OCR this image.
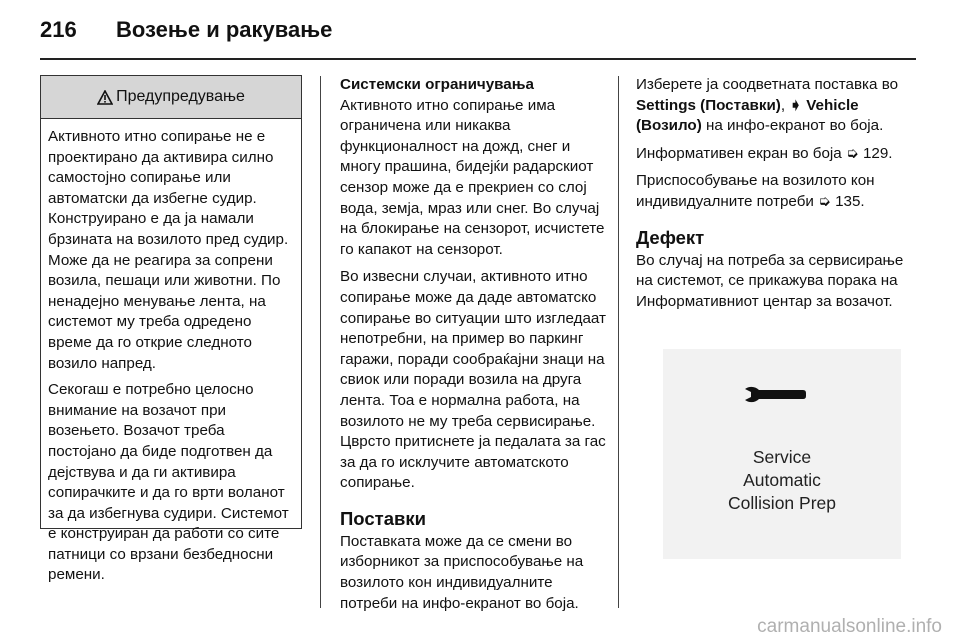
216 Возење и ракување
Предупредување

Активното итно сопирање не е проектирано да активира силно самостојно сопирање или автоматски да избегне судир. Конструирано е да ја намали брзината на возилото пред судир. Може да не реагира за сопрени возила, пешаци или животни. По ненадејно менување лента, на системот му треба одредено време да го открие следното возило напред.

Секогаш е потребно целосно внимание на возачот при возењето. Возачот треба постојано да биде подготвен да дејствува и да ги активира сопирачките и да го врти воланот за да избегнува судири. Системот е конструиран да работи со сите патници со врзани безбедносни ремени.

Системски ограничувања

Активното итно сопирање има ограничена или никаква функционалност на дожд, снег и многу прашина, бидејќи радарскиот сензор може да е прекриен со слој вода, земја, мраз или снег. Во случај на блокирање на сензорот, исчистете го капакот на сензорот.

Во извесни случаи, активното итно сопирање може да даде автоматско сопирање во ситуации што изгледаат непотребни, на пример во паркинг гаражи, поради сообраќајни знаци на свиок или поради возила на друга лента. Тоа е нормална работа, на возилото не му треба сервисирање. Цврсто притиснете ја педалата за гас за да го исклучите автоматското сопирање.

Поставки

Поставката може да се смени во изборникот за приспособување на возилото кон индивидуалните потреби на инфо-екранот во боја.

Изберете ја соодветната поставка во Settings (Поставки), ➧ Vehicle (Возило) на инфо-екранот во боја.

Информативен екран во боја ➭ 129.

Приспособување на возилото кон индивидуалните потреби ➭ 135.

Дефект

Во случај на потреба за сервисирање на системот, се прикажува порака на Информативниот центар за возачот.

Service
Automatic
Collision Prep
carmanualsonline.info
